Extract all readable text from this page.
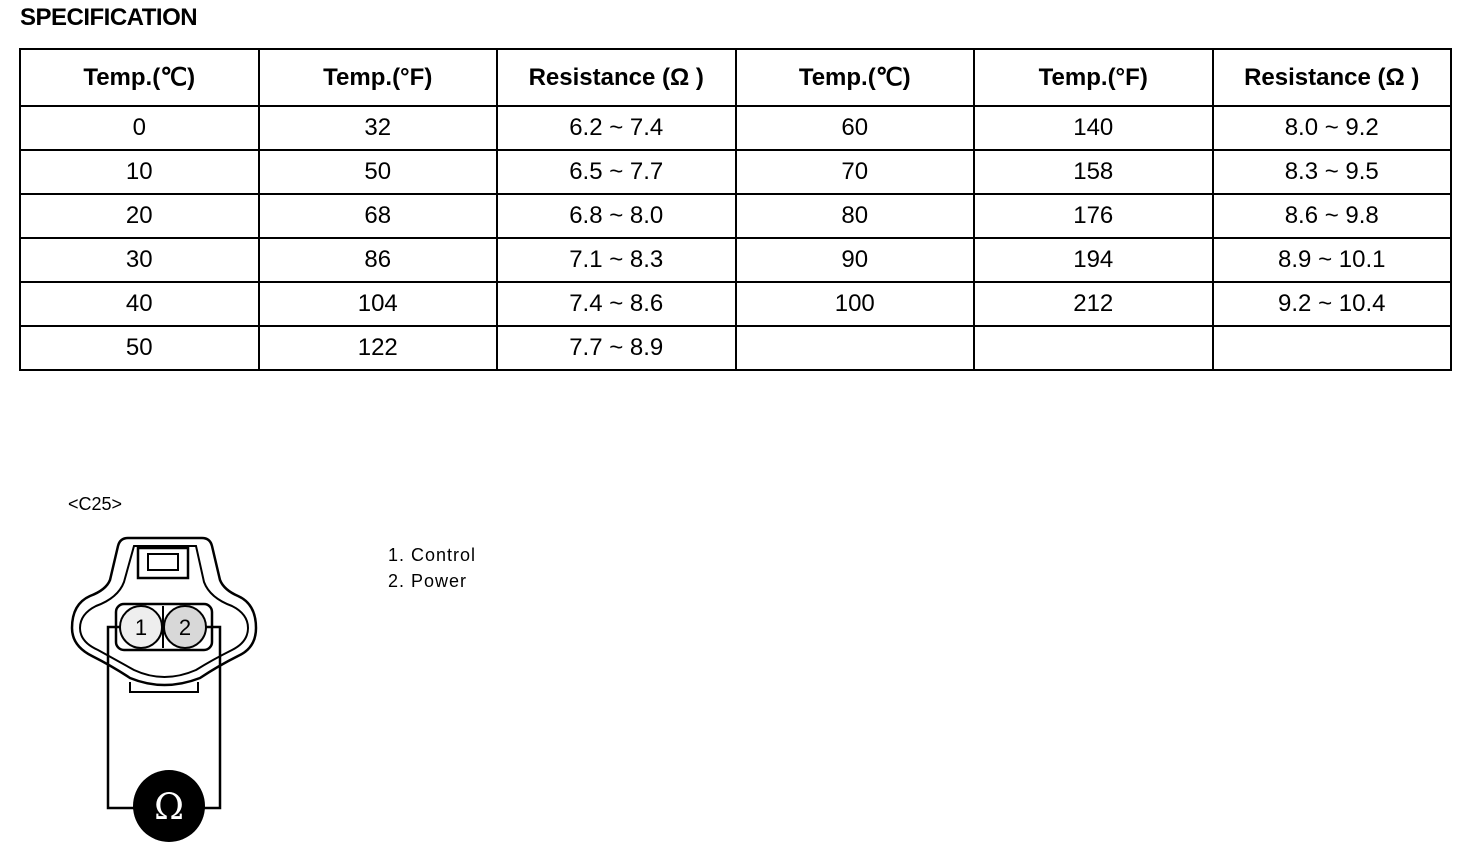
SPECIFICATION
Temp.(℃)	Temp.(°F)	Resistance (Ω )	Temp.(℃)	Temp.(°F)	Resistance (Ω )
0	32	6.2 ~ 7.4	60	140	8.0 ~ 9.2
10	50	6.5 ~ 7.7	70	158	8.3 ~ 9.5
20	68	6.8 ~ 8.0	80	176	8.6 ~ 9.8
30	86	7.1 ~ 8.3	90	194	8.9 ~ 10.1
40	104	7.4 ~ 8.6	100	212	9.2 ~ 10.4
50	122	7.7 ~ 8.9			
<C25>
1 2
Ω
1. Control
2. Power
